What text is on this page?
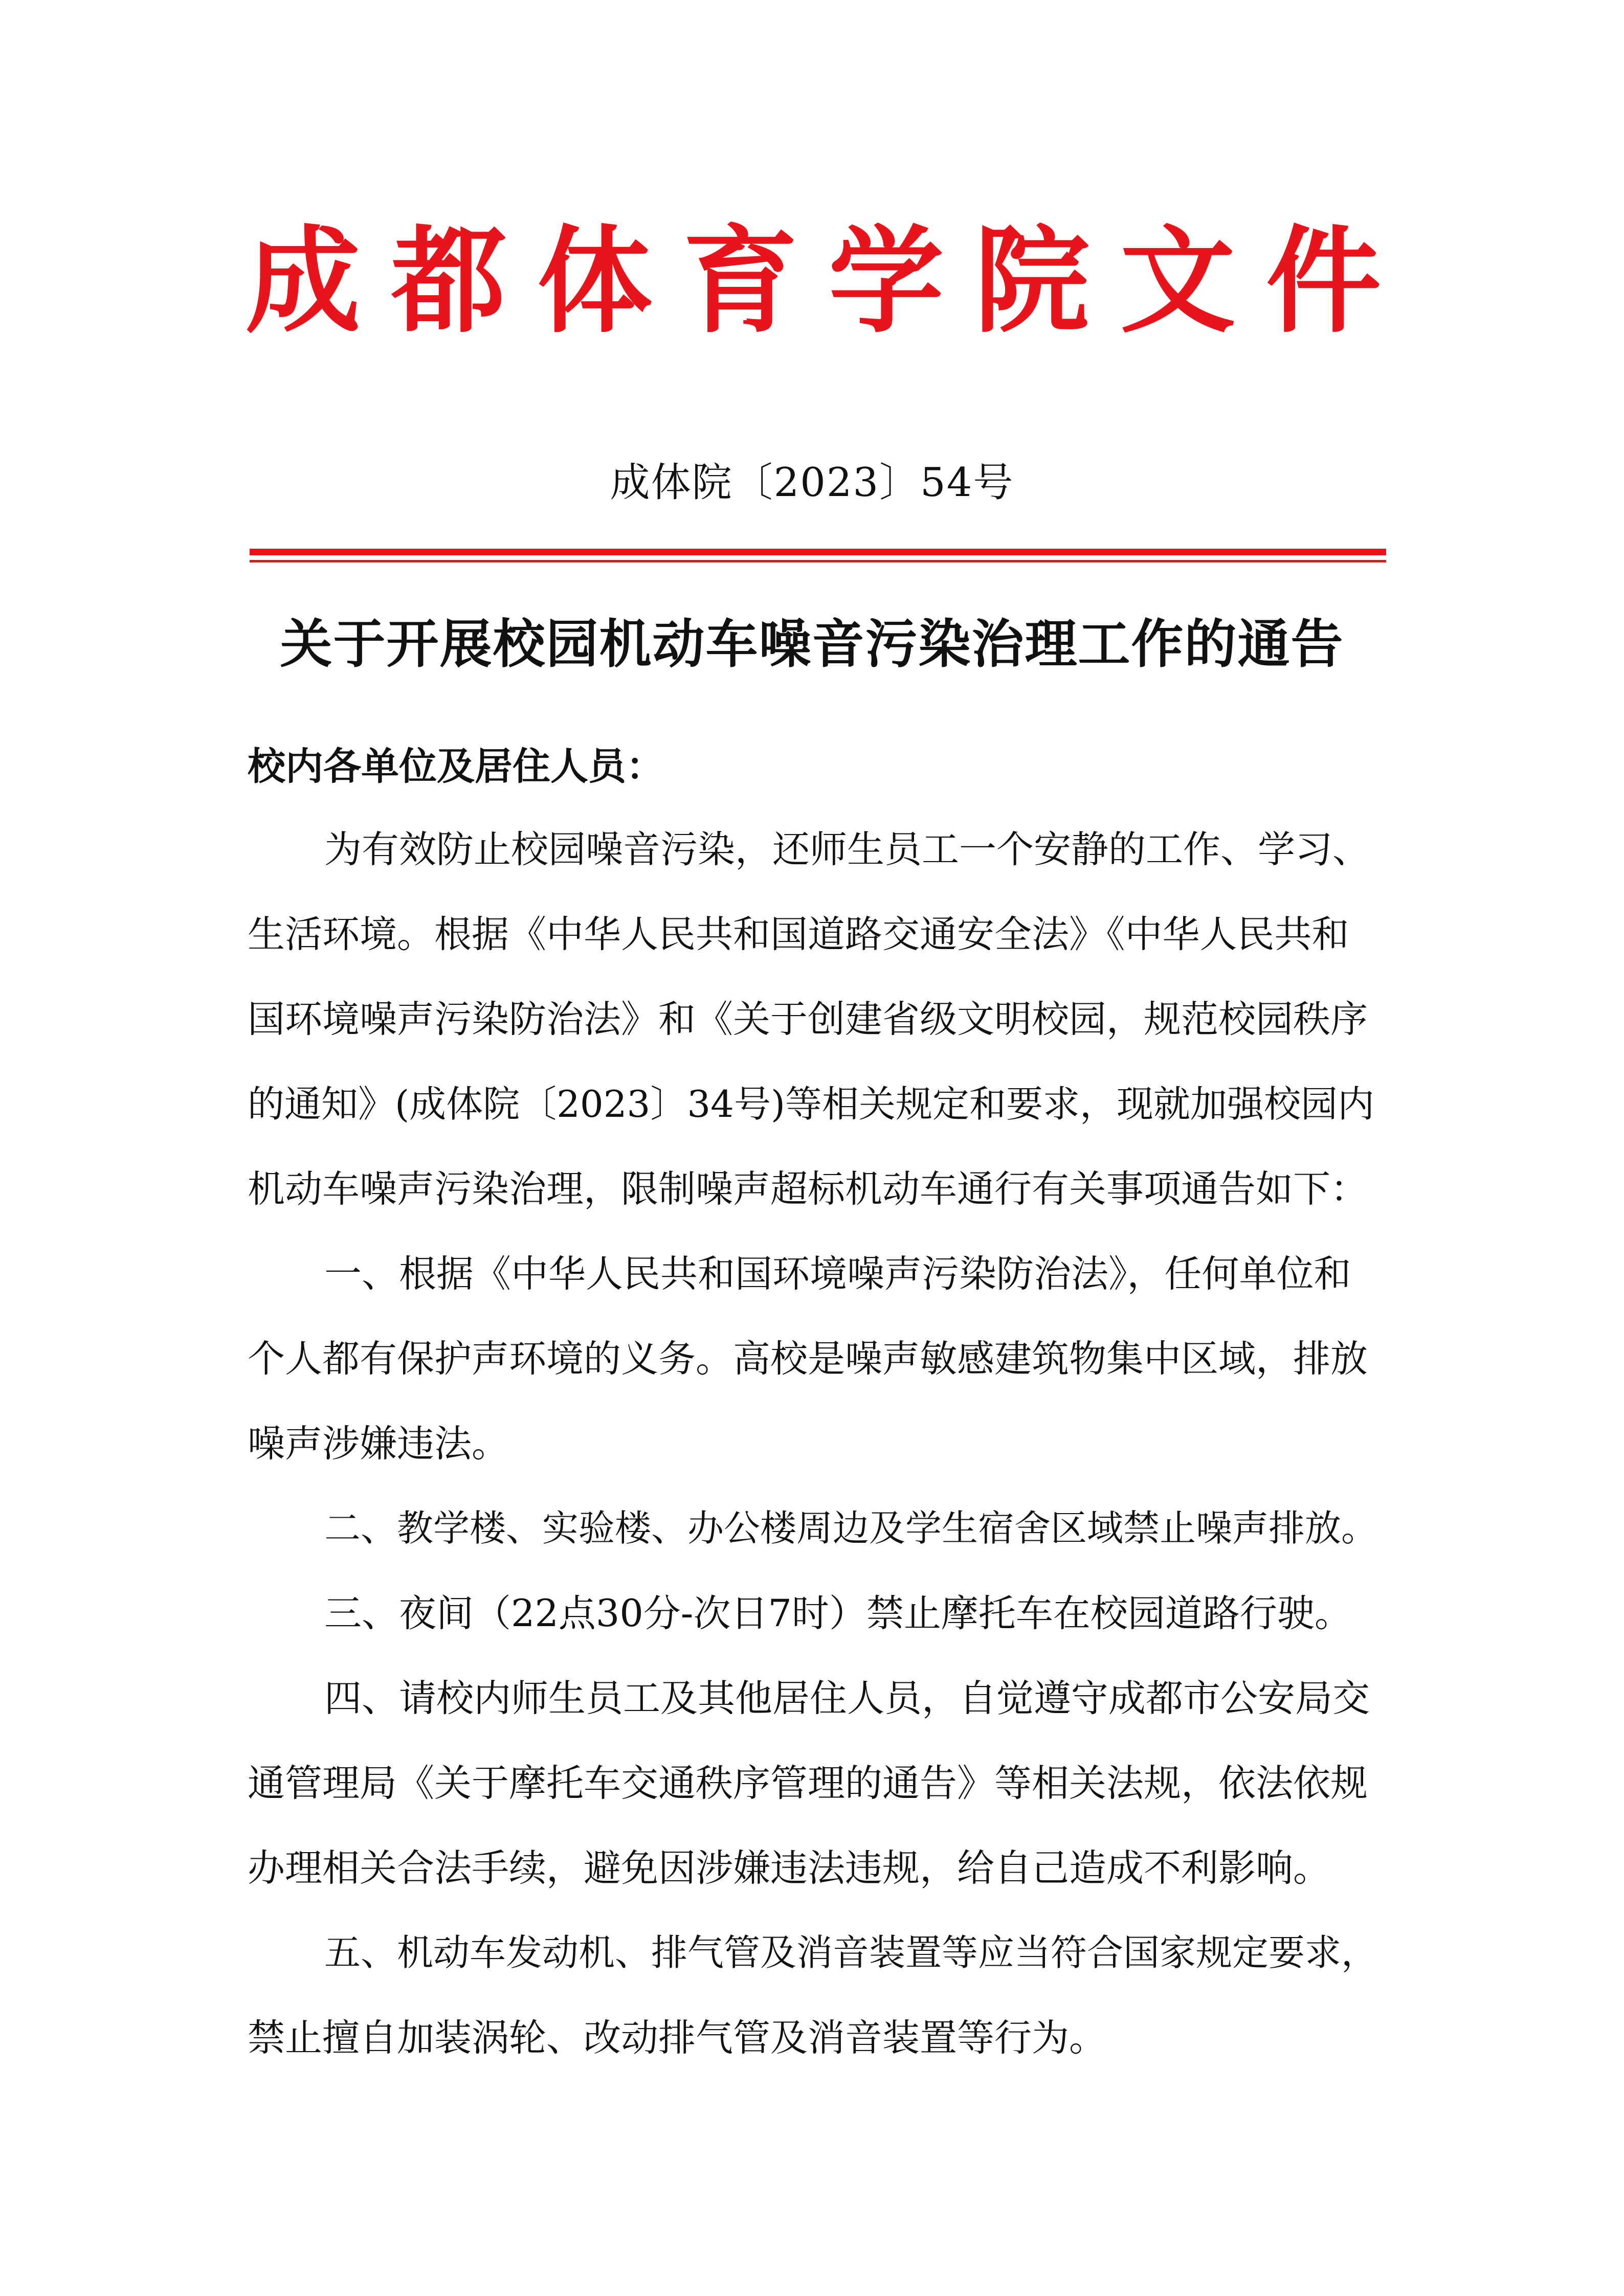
成 都 体 育 学 院 文 件
成体院〔2023〕54号
关于开展校园机动车噪音污染治理工作的通告
校内各单位及居住人员：
为有效防止校园噪音污染，还师生员工一个安静的工作、学习、
生活环境。根据《中华人民共和国道路交通安全法》《中华人民共和
国环境噪声污染防治法》和《关于创建省级文明校园，规范校园秩序
的通知》(成体院〔2023〕34号)等相关规定和要求，现就加强校园内
机动车噪声污染治理，限制噪声超标机动车通行有关事项通告如下：
一、根据《中华人民共和国环境噪声污染防治法》，任何单位和
个人都有保护声环境的义务。高校是噪声敏感建筑物集中区域，排放
噪声涉嫌违法。
二、教学楼、实验楼、办公楼周边及学生宿舍区域禁止噪声排放。
三、夜间（22点30分-次日7时）禁止摩托车在校园道路行驶。
四、请校内师生员工及其他居住人员，自觉遵守成都市公安局交
通管理局《关于摩托车交通秩序管理的通告》等相关法规，依法依规
办理相关合法手续，避免因涉嫌违法违规，给自己造成不利影响。
五、机动车发动机、排气管及消音装置等应当符合国家规定要求，
禁止擅自加装涡轮、改动排气管及消音装置等行为。
